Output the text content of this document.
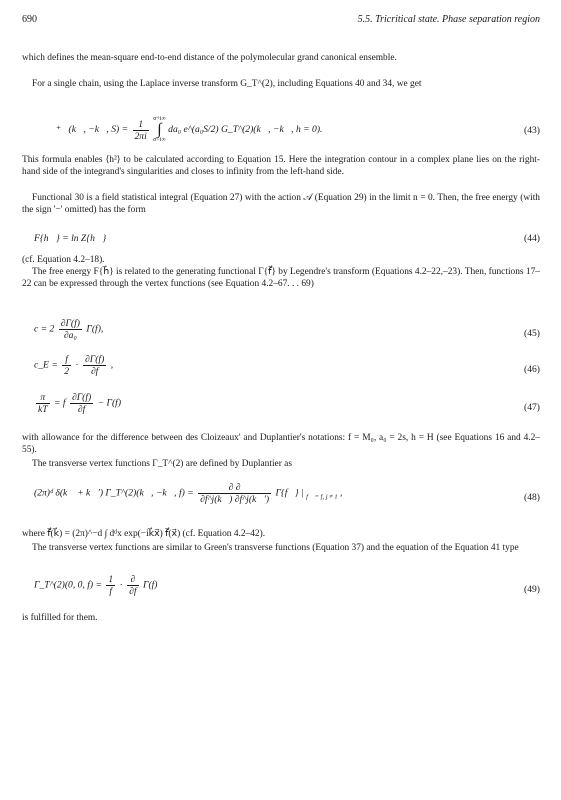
690	5.5. Tricritical state. Phase separation region
which defines the mean-square end-to-end distance of the polymolecular grand canonical ensemble.
For a single chain, using the Laplace inverse transform G_T^(2), including Equations 40 and 34, we get
⁺ℨ(k⃗, −k⃗, $S) = \frac{1}{2\pi i}$
σ+i∞
∫
σ−i∞
da₀ e^(a₀S/2) G_T^(2)(k⃗, −k⃗, h = 0).	(43)
This formula enables ⟨h²⟩ to be calculated according to Equation 15. Here the integration contour in a complex plane lies on the right-hand side of the integrand's singularities and closes to infinity from the left-hand side.
Functional 30 is a field statistical integral (Equation 27) with the action 𝒜 (Equation 29) in the limit n = 0. Then, the free energy (with the sign '−' omitted) has the form
F{h⃗} = ln Z{h⃗}	(44)
(cf. Equation 4.2–18).
The free energy F{h⃗} is related to the generating functional Γ{f⃗} by Legendre's transform (Equations 4.2–22,–23). Then, functions 17–22 can be expressed through the vertex functions (see Equation 4.2–67. . . 69)
$c = 2 \frac{\partial\Gamma(f)}{\text{∂a₀}} \Gamma(f)$,	(45)
c_E = $\frac{f}{2} \cdot \frac{\partial\Gamma(f)}{\partial f}$ ,	(46)
$\frac{\pi}{kT} = f \frac{\partial\Gamma(f)}{\partial f} - \Gamma(f)$	(47)
with allowance for the difference between des Cloizeaux' and Duplantier's notations: f = M₀, a₀ = 2s, h = H (see Equations 16 and 4.2–55).
The transverse vertex functions Γ_T^(2) are defined by Duplantier as
(2π)ᵈ δ(k⃗ + k⃗′) Γ_T^(2)(k⃗, −k⃗, $f) = \frac{\partial \partial}{\partial f\^{}j(k⃗) \partial f\^{}j(k⃗')}$ Γ{f⃗} | $_{f⃗ = f, j \ne 1}$ ,	(48)
where f⃗(k⃗) = (2π)^−d ∫ dᵈx exp(−ik⃗x⃗) f⃗(x⃗) (cf. Equation 4.2–42).
The transverse vertex functions are similar to Green's transverse functions (Equation 37) and the equation of the Equation 41 type
Γ_T^(2)(0, 0, $f) = \frac{1}{f} \cdot \frac{\partial}{\partial f} \Gamma(f)$	(49)
is fulfilled for them.
